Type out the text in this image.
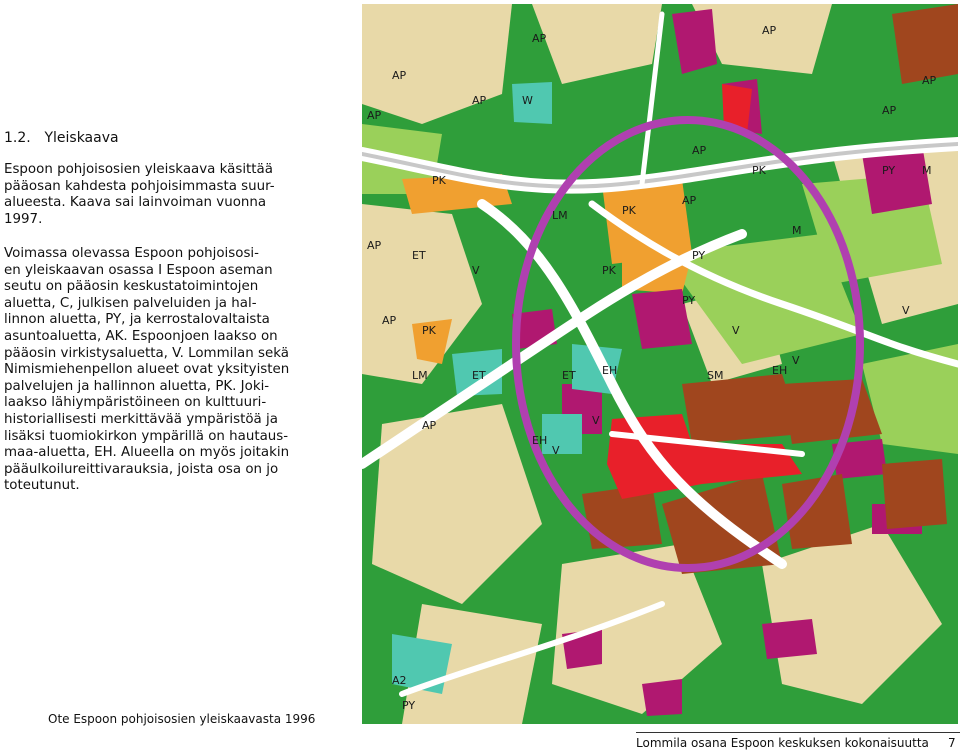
1.2. Yleiskaava

Espoon pohjoisosien yleiskaava käsittää
pääosan kahdesta pohjoisimmasta suur-
alueesta. Kaava sai lainvoiman vuonna
1997.

Voimassa olevassa Espoon pohjoisosi-
en yleiskaavan osassa I Espoon aseman
seutu on pääosin keskustatoimintojen
aluetta, C, julkisen palveluiden ja hal-
linnon aluetta, PY, ja kerrostalovaltaista
asuntoaluetta, AK. Espoonjoen laakso on
pääosin virkistysaluetta, V. Lommilan sekä
Nimismiehenpellon alueet ovat yksityisten
palvelujen ja hallinnon aluetta, PK. Joki-
laakso lähiympäristöineen on kulttuuri-
historiallisesti merkittävää ympäristöä ja
lisäksi tuomiokirkon ympärillä on hautaus-
maa-aluetta, EH. Alueella on myös joitakin
pääulkoilureittivarauksia, joista osa on jo
toteutunut.

AP
AP
AP
AP
AP
AP
AP
AP
AP
AP
W
AP
AP
PY
PY
PY
PK
PK
PK
PK
PK
ET
ET	ET
LM
LM
M
M
V
V
V
V
V
V
SM
EH
EH
A2
PY
EH
Ote Espoon pohjoisosien yleiskaavasta 1996
Lommila osana Espoon keskuksen kokonaisuutta 7
